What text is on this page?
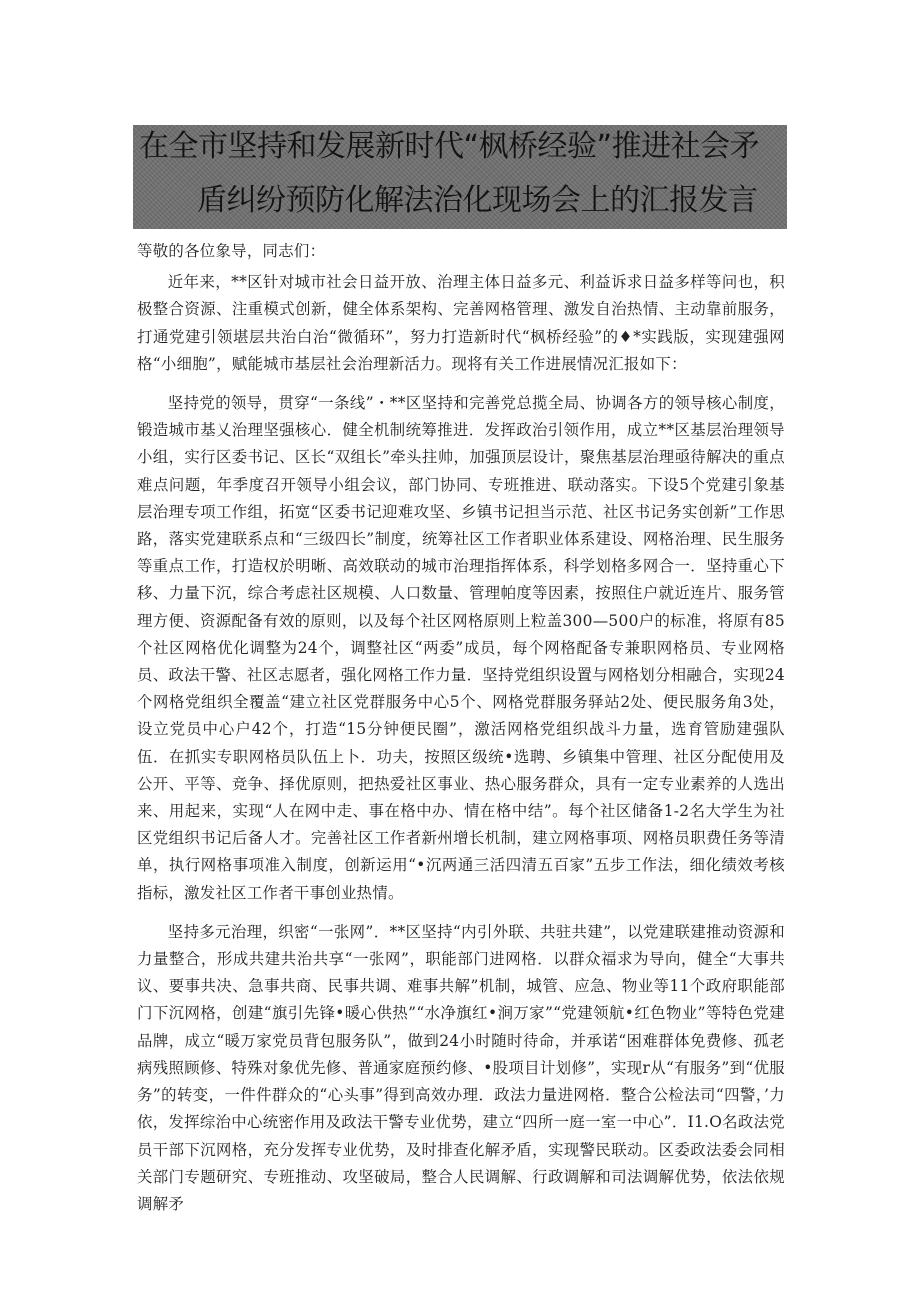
在全市坚持和发展新时代“枫桥经验”推进社会矛
盾纠纷预防化解法治化现场会上的汇报发言

等敬的各位象导，同志们：

近年来，**区针对城市社会日益开放、治理主体日益多元、利益诉求日益多样等问也，积极整合资源、注重模式创新，健全体系架构、完善网格管理、激发自治热情、主动靠前服务，打通党建引领堪层共治白治“微循环”，努力打造新时代“枫桥经验”的♦*实践版，实现建强网格“小细胞”，赋能城市基层社会治理新活力。现将有关工作进展情况汇报如下：

坚持党的领导，贯穿“一条线”・**区坚持和完善党总揽全局、协调各方的领导核心制度，锻造城市基乂治理坚强核心．健全机制统筹推进．发挥政治引领作用，成立**区基层治理领导小组，实行区委书记、区长“双组长”牵头拄帅，加强顶层设计，聚焦基层治理亟待解决的重点难点问题，年季度召开领导小组会议，部门协同、专班推进、联动落实。下设5个党建引象基层治理专项工作组，拓宽“区委书记迎难攻坚、乡镇书记担当示范、社区书记务实创新”工作思路，落实党建联系点和“三级四长”制度，统筹社区工作者职业体系建设、网格治理、民生服务等重点工作，打造权於明晰、高效联动的城市治理指挥体系，科学划格多网合一．坚持重心下移、力量下沉，综合考虑社区规模、人口数量、管理帕度等因素，按照住户就近连片、服务管理方便、资源配备有效的原则，以及每个社区网格原则上粒盖300—500户的标准，将原有85个社区网格优化调整为24个，调整社区“两委”成员，每个网格配备专兼职网格员、专业网格员、政法干警、社区志愿者，强化网格工作力量．坚持党组织设置与网格划分相融合，实现24个网格党组织全覆盖“建立社区党群服务中心5个、网格党群服务驿站2处、便民服务角3处，设立党员中心户42个，打造“15分钟便民圈”，激活网格党组织战斗力量，选育管励建强队伍．在抓实专职网格员队伍上卜．功夫，按照区级统•选聘、乡镇集中管理、社区分配使用及公开、平等、竞争、择优原则，把热爱社区事业、热心服务群众，具有一定专业素养的人选出来、用起来，实现“人在网中走、事在格中办、情在格中结”。每个社区储备1-2名大学生为社区党组织书记后备人才。完善社区工作者新州增长机制，建立网格事项、网格员职费任务等清单，执行网格事项准入制度，创新运用“•沉两通三活四清五百家”五步工作法，细化绩效考核指标，激发社区工作者干事创业热情。

坚持多元治理，织密“一张网”．**区坚持“内引外联、共驻共建”，以党建联建推动资源和力量整合，形成共建共治共享“一张网”，职能部门进网格．以群众福求为导向，健全“大事共议、要事共决、急事共商、民事共调、难事共解”机制，城管、应急、物业等11个政府职能部门下沉网格，创建“旗引先锋•暖心供热”“水净旗红•涧万家”“党建领航•红色物业”等特色党建品牌，成立“暖万家党员背包服务队”，做到24小时随时待命，并承诺“困难群体免费修、孤老病残照顾修、特殊对象优先修、普通家庭预约修、•股项目计划修”，实现r从“有服务”到“优服务”的转变，一件件群众的“心头事”得到高效办理．政法力量进网格．整合公检法司“四警，’力依，发挥综治中心统密作用及政法干警专业优势，建立“四所一庭一室一中心”．I1.O名政法党员干部下沉网格，充分发挥专业优势，及时排查化解矛盾，实现警民联动。区委政法委会同相关部门专题研究、专班推动、攻坚破局，整合人民调解、行政调解和司法调解优势，依法依规调解矛
